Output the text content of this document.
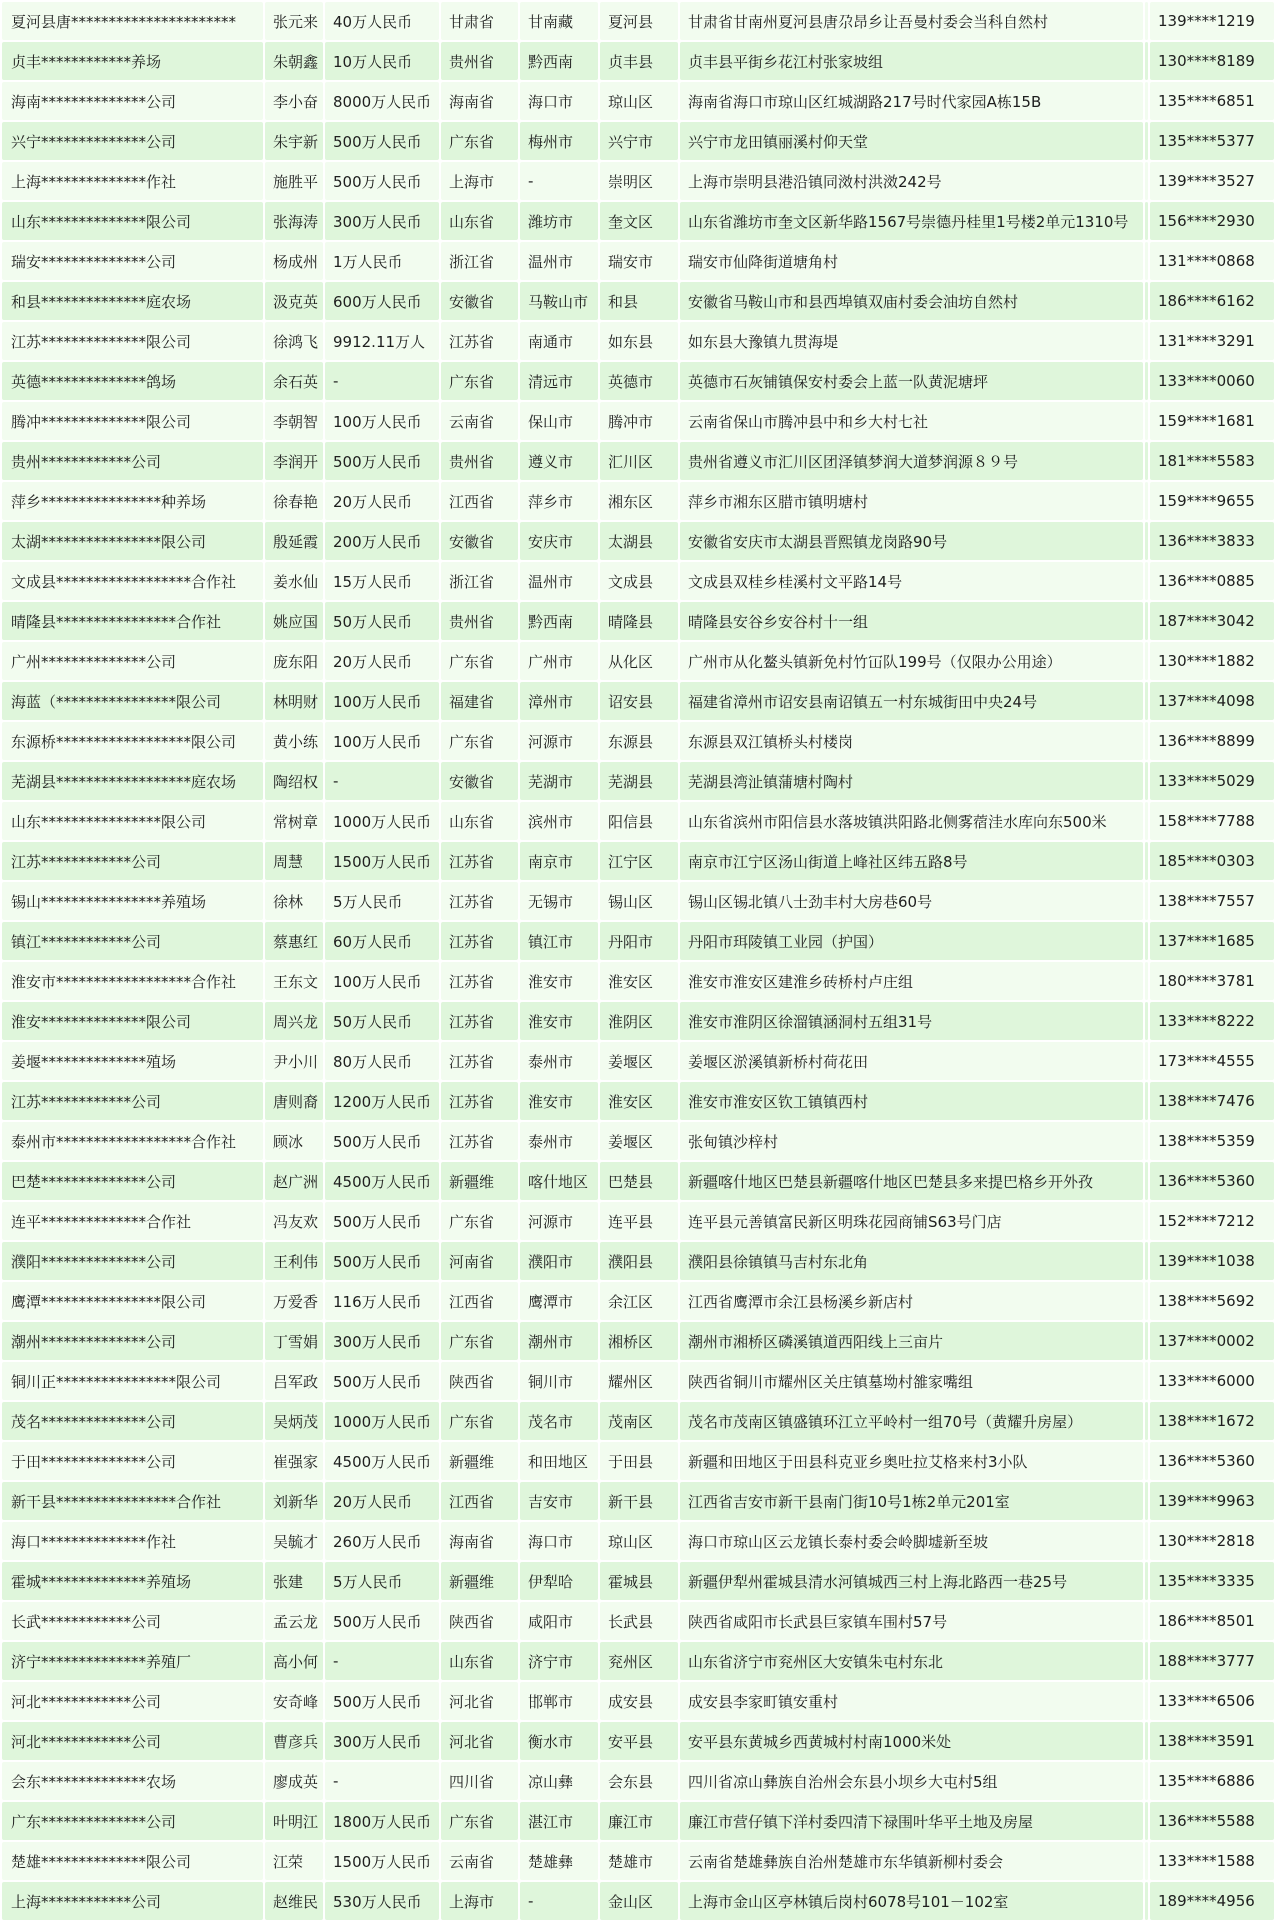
夏河县唐**********************	张元来	40万人民币	甘肃省	甘南藏	夏河县	甘肃省甘南州夏河县唐尕昂乡让吾曼村委会当科自然村		139****1219
贞丰************养场	朱朝鑫	10万人民币	贵州省	黔西南	贞丰县	贞丰县平街乡花江村张家坡组		130****8189
海南**************公司	李小奋	8000万人民币	海南省	海口市	琼山区	海南省海口市琼山区红城湖路217号时代家园A栋15B		135****6851
兴宁**************公司	朱宇新	500万人民币	广东省	梅州市	兴宁市	兴宁市龙田镇丽溪村仰天堂		135****5377
上海**************作社	施胜平	500万人民币	上海市	-	崇明区	上海市崇明县港沿镇同滧村洪滧242号		139****3527
山东**************限公司	张海涛	300万人民币	山东省	潍坊市	奎文区	山东省潍坊市奎文区新华路1567号崇德丹桂里1号楼2单元1310号		156****2930
瑞安**************公司	杨成州	1万人民币	浙江省	温州市	瑞安市	瑞安市仙降街道塘角村		131****0868
和县**************庭农场	汲克英	600万人民币	安徽省	马鞍山市	和县	安徽省马鞍山市和县西埠镇双庙村委会油坊自然村		186****6162
江苏**************限公司	徐鸿飞	9912.11万人	江苏省	南通市	如东县	如东县大豫镇九贯海堤		131****3291
英德**************鸽场	余石英	-	广东省	清远市	英德市	英德市石灰铺镇保安村委会上蓝一队黄泥塘坪		133****0060
腾冲**************限公司	李朝智	100万人民币	云南省	保山市	腾冲市	云南省保山市腾冲县中和乡大村七社		159****1681
贵州************公司	李润开	500万人民币	贵州省	遵义市	汇川区	贵州省遵义市汇川区团泽镇梦润大道梦润源８９号		181****5583
萍乡****************种养场	徐春艳	20万人民币	江西省	萍乡市	湘东区	萍乡市湘东区腊市镇明塘村		159****9655
太湖****************限公司	殷延霞	200万人民币	安徽省	安庆市	太湖县	安徽省安庆市太湖县晋熙镇龙岗路90号		136****3833
文成县******************合作社	姜水仙	15万人民币	浙江省	温州市	文成县	文成县双桂乡桂溪村文平路14号		136****0885
晴隆县****************合作社	姚应国	50万人民币	贵州省	黔西南	晴隆县	晴隆县安谷乡安谷村十一组		187****3042
广州**************公司	庞东阳	20万人民币	广东省	广州市	从化区	广州市从化鳌头镇新免村竹冚队199号（仅限办公用途）		130****1882
海蓝（****************限公司	林明财	100万人民币	福建省	漳州市	诏安县	福建省漳州市诏安县南诏镇五一村东城街田中央24号		137****4098
东源桥******************限公司	黄小练	100万人民币	广东省	河源市	东源县	东源县双江镇桥头村楼岗		136****8899
芜湖县******************庭农场	陶绍权	-	安徽省	芜湖市	芜湖县	芜湖县湾沚镇蒲塘村陶村		133****5029
山东****************限公司	常树章	1000万人民币	山东省	滨州市	阳信县	山东省滨州市阳信县水落坡镇洪阳路北侧雾蓿洼水库向东500米		158****7788
江苏************公司	周慧	1500万人民币	江苏省	南京市	江宁区	南京市江宁区汤山街道上峰社区纬五路8号		185****0303
锡山****************养殖场	徐林	5万人民币	江苏省	无锡市	锡山区	锡山区锡北镇八士劲丰村大房巷60号		138****7557
镇江************公司	蔡惠红	60万人民币	江苏省	镇江市	丹阳市	丹阳市珥陵镇工业园（护国）		137****1685
淮安市******************合作社	王东文	100万人民币	江苏省	淮安市	淮安区	淮安市淮安区建淮乡砖桥村卢庄组		180****3781
淮安**************限公司	周兴龙	50万人民币	江苏省	淮安市	淮阴区	淮安市淮阴区徐溜镇涵洞村五组31号		133****8222
姜堰**************殖场	尹小川	80万人民币	江苏省	泰州市	姜堰区	姜堰区淤溪镇新桥村荷花田		173****4555
江苏************公司	唐则裔	1200万人民币	江苏省	淮安市	淮安区	淮安市淮安区钦工镇镇西村		138****7476
泰州市******************合作社	顾冰	500万人民币	江苏省	泰州市	姜堰区	张甸镇沙梓村		138****5359
巴楚**************公司	赵广洲	4500万人民币	新疆维	喀什地区	巴楚县	新疆喀什地区巴楚县新疆喀什地区巴楚县多来提巴格乡开外孜		136****5360
连平**************合作社	冯友欢	500万人民币	广东省	河源市	连平县	连平县元善镇富民新区明珠花园商铺S63号门店		152****7212
濮阳**************公司	王利伟	500万人民币	河南省	濮阳市	濮阳县	濮阳县徐镇镇马吉村东北角		139****1038
鹰潭****************限公司	万爱香	116万人民币	江西省	鹰潭市	余江区	江西省鹰潭市余江县杨溪乡新店村		138****5692
潮州**************公司	丁雪娟	300万人民币	广东省	潮州市	湘桥区	潮州市湘桥区磷溪镇道西阳线上三亩片		137****0002
铜川正****************限公司	吕军政	500万人民币	陕西省	铜川市	耀州区	陕西省铜川市耀州区关庄镇墓坳村雒家嘴组		133****6000
茂名**************公司	吴炳茂	1000万人民币	广东省	茂名市	茂南区	茂名市茂南区镇盛镇环江立平岭村一组70号（黄耀升房屋）		138****1672
于田**************公司	崔强家	4500万人民币	新疆维	和田地区	于田县	新疆和田地区于田县科克亚乡奥吐拉艾格来村3小队		136****5360
新干县****************合作社	刘新华	20万人民币	江西省	吉安市	新干县	江西省吉安市新干县南门街10号1栋2单元201室		139****9963
海口**************作社	吴毓才	260万人民币	海南省	海口市	琼山区	海口市琼山区云龙镇长泰村委会岭脚墟新至坡		130****2818
霍城**************养殖场	张建	5万人民币	新疆维	伊犁哈	霍城县	新疆伊犁州霍城县清水河镇城西三村上海北路西一巷25号		135****3335
长武************公司	孟云龙	500万人民币	陕西省	咸阳市	长武县	陕西省咸阳市长武县巨家镇车围村57号		186****8501
济宁**************养殖厂	高小何	-	山东省	济宁市	兖州区	山东省济宁市兖州区大安镇朱屯村东北		188****3777
河北************公司	安奇峰	500万人民币	河北省	邯郸市	成安县	成安县李家町镇安重村		133****6506
河北************公司	曹彦兵	300万人民币	河北省	衡水市	安平县	安平县东黄城乡西黄城村村南1000米处		138****3591
会东**************农场	廖成英	-	四川省	凉山彝	会东县	四川省凉山彝族自治州会东县小坝乡大屯村5组		135****6886
广东**************公司	叶明江	1800万人民币	广东省	湛江市	廉江市	廉江市营仔镇下洋村委四清下禄围叶华平土地及房屋		136****5588
楚雄**************限公司	江荣	1500万人民币	云南省	楚雄彝	楚雄市	云南省楚雄彝族自治州楚雄市东华镇新柳村委会		133****1588
上海************公司	赵维民	530万人民币	上海市	-	金山区	上海市金山区亭林镇后岗村6078号101－102室		189****4956
